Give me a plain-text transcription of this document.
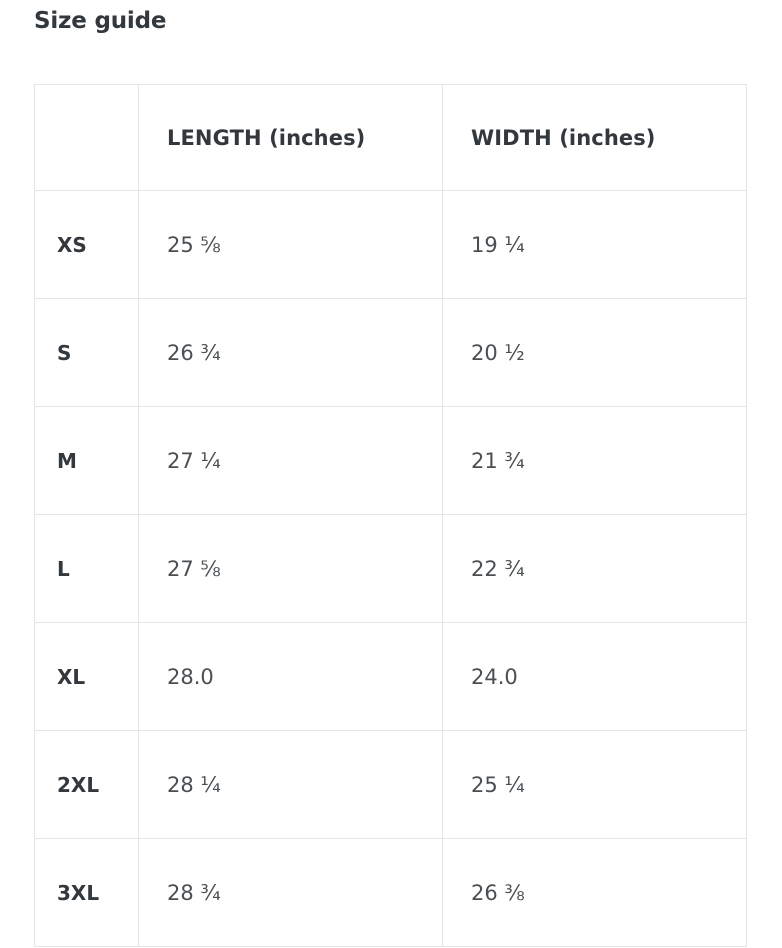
Size guide
	LENGTH (inches)	WIDTH (inches)
XS	25 ⅝	19 ¼
S	26 ¾	20 ½
M	27 ¼	21 ¾
L	27 ⅝	22 ¾
XL	28.0	24.0
2XL	28 ¼	25 ¼
3XL	28 ¾	26 ⅜
